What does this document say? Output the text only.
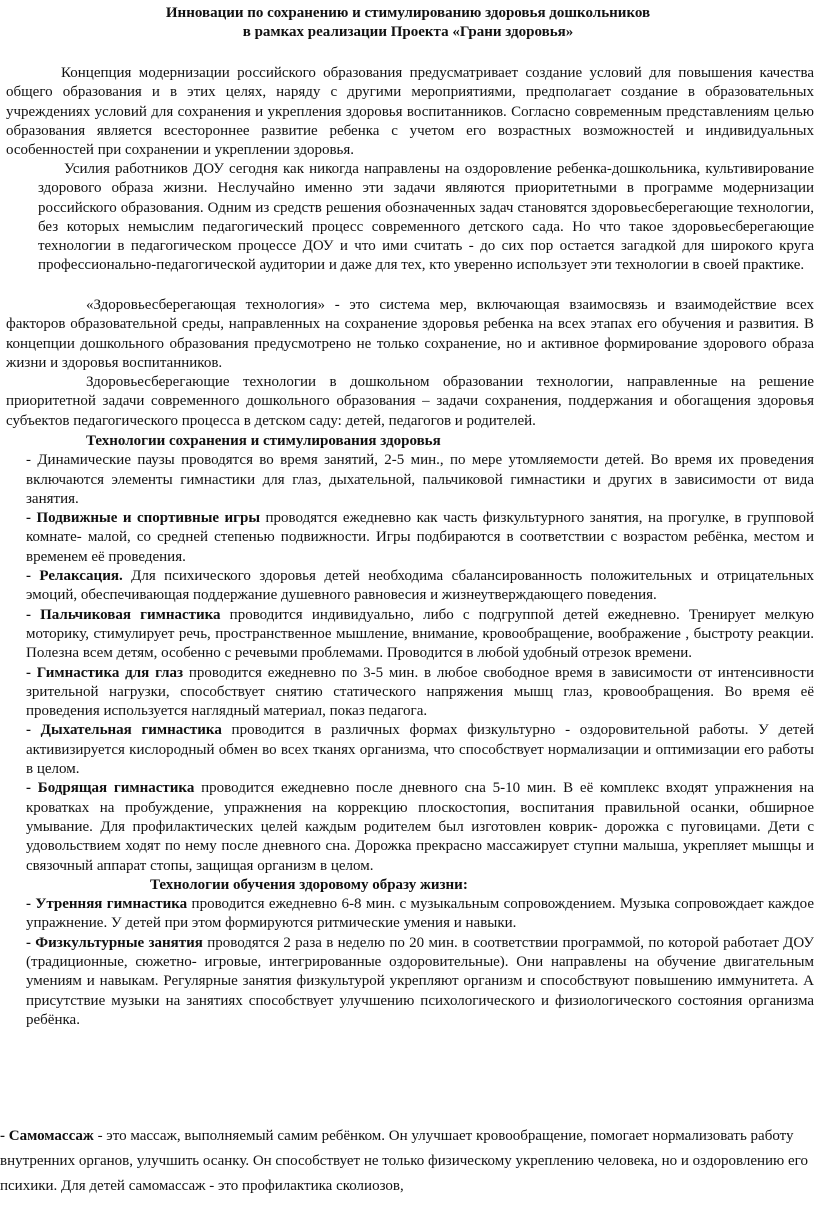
Инновации по сохранению и стимулированию здоровья дошкольников
в рамках реализации Проекта «Грани здоровья»

Концепция модернизации российского образования предусматривает создание условий для повышения качества общего образования и в этих целях, наряду с другими мероприятиями, предполагает создание в образовательных учреждениях условий для сохранения и укрепления здоровья воспитанников. Согласно современным представлениям целью образования является всестороннее развитие ребенка с учетом его возрастных возможностей и индивидуальных особенностей при сохранении и укреплении здоровья.

Усилия работников ДОУ сегодня как никогда направлены на оздоровление ребенка-дошкольника, культивирование здорового образа жизни. Неслучайно именно эти задачи являются приоритетными в программе модернизации российского образования. Одним из средств решения обозначенных задач становятся здоровьесберегающие технологии, без которых немыслим педагогический процесс современного детского сада. Но что такое здоровьесберегающие технологии в педагогическом процессе ДОУ и что ими считать - до сих пор остается загадкой для широкого круга профессионально-педагогической аудитории и даже для тех, кто уверенно использует эти технологии в своей практике.

«Здоровьесберегающая технология» - это система мер, включающая взаимосвязь и взаимодействие всех факторов образовательной среды, направленных на сохранение здоровья ребенка на всех этапах его обучения и развития. В концепции дошкольного образования предусмотрено не только сохранение, но и активное формирование здорового образа жизни и здоровья воспитанников.

Здоровьесберегающие технологии в дошкольном образовании технологии, направленные на решение приоритетной задачи современного дошкольного образования – задачи сохранения, поддержания и обогащения здоровья субъектов педагогического процесса в детском саду: детей, педагогов и родителей.

Технологии сохранения и стимулирования здоровья

- Динамические паузы проводятся во время занятий, 2-5 мин., по мере утомляемости детей. Во время их проведения включаются элементы гимнастики для глаз, дыхательной, пальчиковой гимнастики и других в зависимости от вида занятия.

- Подвижные и спортивные игры проводятся ежедневно как часть физкультурного занятия, на прогулке, в групповой комнате- малой, со средней степенью подвижности. Игры подбираются в соответствии с возрастом ребёнка, местом и временем её проведения.

- Релаксация. Для психического здоровья детей необходима сбалансированность положительных и отрицательных эмоций, обеспечивающая поддержание душевного равновесия и жизнеутверждающего поведения.

- Пальчиковая гимнастика проводится индивидуально, либо с подгруппой детей ежедневно. Тренирует мелкую моторику, стимулирует речь, пространственное мышление, внимание, кровообращение, воображение , быстроту реакции. Полезна всем детям, особенно с речевыми проблемами. Проводится в любой удобный отрезок времени.

- Гимнастика для глаз проводится ежедневно по 3-5 мин. в любое свободное время в зависимости от интенсивности зрительной нагрузки, способствует снятию статического напряжения мышц глаз, кровообращения. Во время её проведения используется наглядный материал, показ педагога.

- Дыхательная гимнастика проводится в различных формах физкультурно - оздоровительной работы. У детей активизируется кислородный обмен во всех тканях организма, что способствует нормализации и оптимизации его работы в целом.

- Бодрящая гимнастика проводится ежедневно после дневного сна 5-10 мин. В её комплекс входят упражнения на кроватках на пробуждение, упражнения на коррекцию плоскостопия, воспитания правильной осанки, обширное умывание. Для профилактических целей каждым родителем был изготовлен коврик- дорожка с пуговицами. Дети с удовольствием ходят по нему после дневного сна. Дорожка прекрасно массажирует ступни малыша, укрепляет мышцы и связочный аппарат стопы, защищая организм в целом.

Технологии обучения здоровому образу жизни:

- Утренняя гимнастика проводится ежедневно 6-8 мин. с музыкальным сопровождением. Музыка сопровождает каждое упражнение. У детей при этом формируются ритмические умения и навыки.

- Физкультурные занятия проводятся 2 раза в неделю по 20 мин. в соответствии программой, по которой работает ДОУ (традиционные, сюжетно- игровые, интегрированные оздоровительные). Они направлены на обучение двигательным умениям и навыкам. Регулярные занятия физкультурой укрепляют организм и способствуют повышению иммунитета. А присутствие музыки на занятиях способствует улучшению психологического и физиологического состояния организма ребёнка.

- Самомассаж - это массаж, выполняемый самим ребёнком. Он улучшает кровообращение, помогает нормализовать работу внутренних органов, улучшить осанку. Он способствует не только физическому укреплению человека, но и оздоровлению его психики. Для детей самомассаж - это профилактика сколиозов,
